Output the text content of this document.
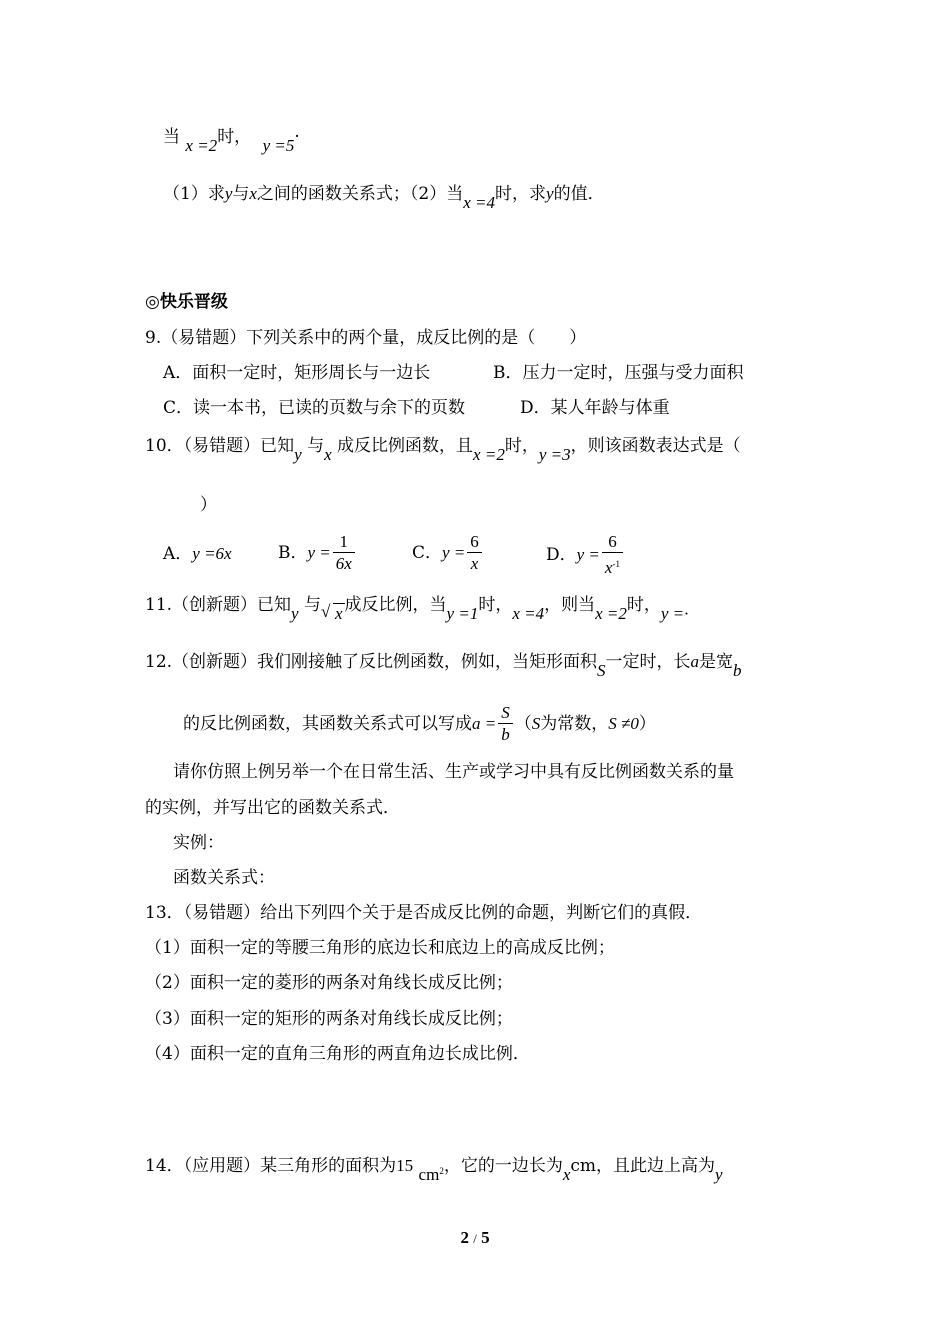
当 x =2时， y =5·
（1）求y与x之间的函数关系式；（2）当x =4时，求y的值．
◎快乐晋级
9.（易错题）下列关系中的两个量，成反比例的是（　　）
A．面积一定时，矩形周长与一边长	B．压力一定时，压强与受力面积
C．读一本书，已读的页数与余下的页数	D．某人年龄与体重
10．（易错题）已知y 与x 成反比例函数，且x =2时，y =3，则该函数表达式是（
）
A．y =6x	B．$y = \frac{1}{6x}$	C．$y = \frac{6}{x}$	D．$y = \frac{6}{x^{-1}}$
11.（创新题）已知y 与 √ x 成反比例，当y =1时，x =4，则当x =2时，y =·
12.（创新题）我们刚接触了反比例函数，例如，当矩形面积S一定时，长a是宽b
的反比例函数，其函数关系式可以写成$a = \frac{S}{b} (S$为常数，S ≠0）
请你仿照上例另举一个在日常生活、生产或学习中具有反比例函数关系的量
的实例，并写出它的函数关系式．
实例：
函数关系式：
13．（易错题）给出下列四个关于是否成反比例的命题，判断它们的真假．
（1）面积一定的等腰三角形的底边长和底边上的高成反比例；
（2）面积一定的菱形的两条对角线长成反比例；
（3）面积一定的矩形的两条对角线长成反比例；
（4）面积一定的直角三角形的两直角边长成比例．
14．（应用题）某三角形的面积为15 $cm^2$，它的一边长为xcm，且此边上高为y
2 / 5
